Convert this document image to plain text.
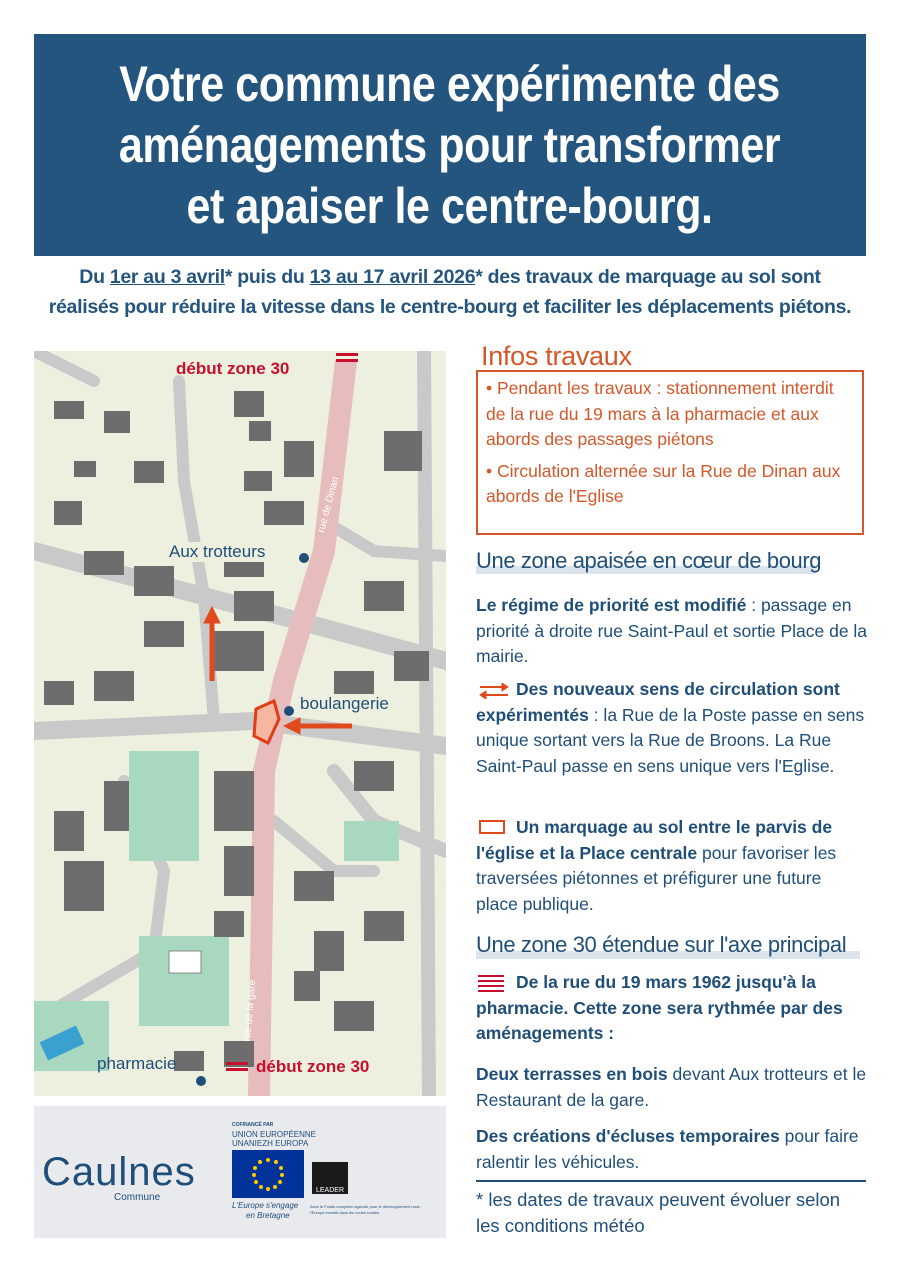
Votre commune expérimente des
aménagements pour transformer
et apaiser le centre-bourg.
Du 1er au 3 avril* puis du 13 au 17 avril 2026* des travaux de marquage au sol sont
réalisés pour réduire la vitesse dans le centre-bourg et faciliter les déplacements piétons.
début zone 30
début zone 30
Aux trotteurs
boulangerie
pharmacie
rue de Dinan
rue de la gare
Caulnes
Commune
COFINANCÉ PAR
UNION EUROPÉENNE
UNANIEZH EUROPA
L'Europe s'engage
en Bretagne
LEADER
Avec le Fonds européen agricole pour le développement rural :
l'Europe investit dans les zones rurales
Infos travaux

• Pendant les travaux : stationnement interdit de la rue du 19 mars à la pharmacie et aux abords des passages piétons

• Circulation alternée sur la Rue de Dinan aux abords de l'Eglise

Une zone apaisée en cœur de bourg
Le régime de priorité est modifié : passage en priorité à droite rue Saint-Paul et sortie Place de la mairie.
Des nouveaux sens de circulation sont expérimentés : la Rue de la Poste passe en sens unique sortant vers la Rue de Broons. La Rue Saint-Paul passe en sens unique vers l'Eglise.
Un marquage au sol entre le parvis de l'église et la Place centrale pour favoriser les traversées piétonnes et préfigurer une future place publique.
Une zone 30 étendue sur l'axe principal
De la rue du 19 mars 1962 jusqu'à la pharmacie. Cette zone sera rythmée par des aménagements :
Deux terrasses en bois devant Aux trotteurs et le Restaurant de la gare.
Des créations d'écluses temporaires pour faire ralentir les véhicules.
* les dates de travaux peuvent évoluer selon les conditions météo
